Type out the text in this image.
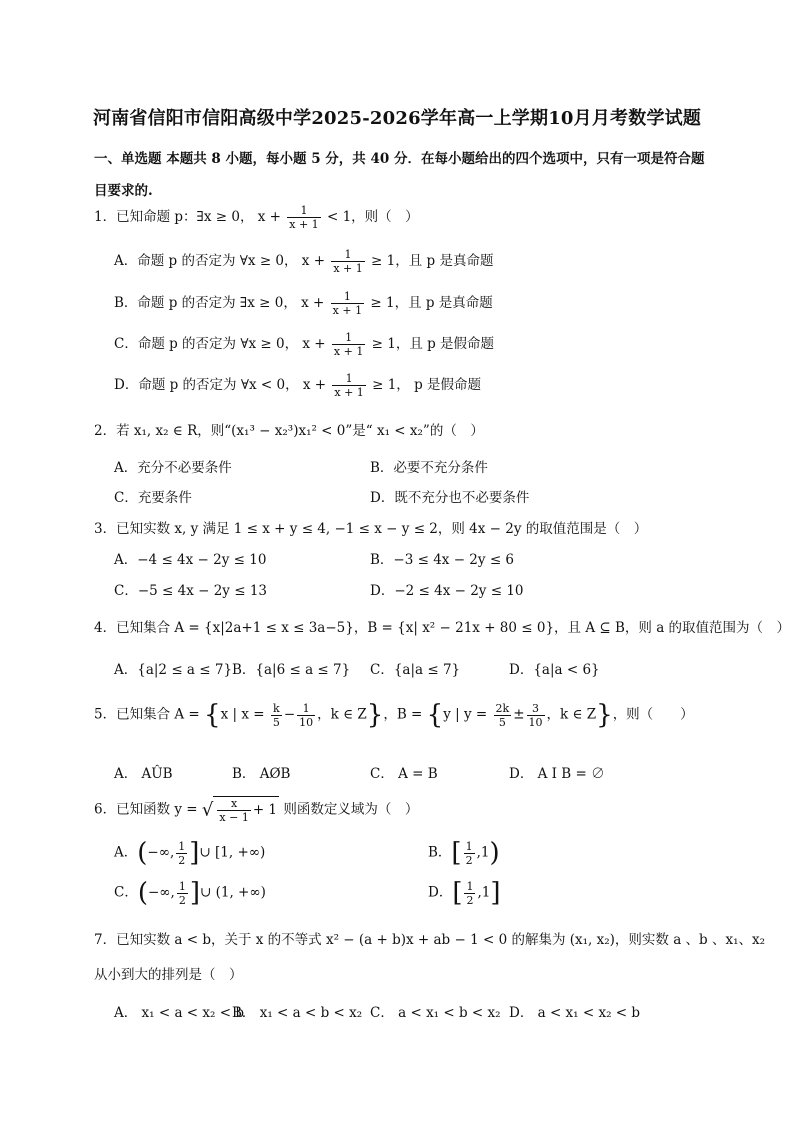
河南省信阳市信阳高级中学2025-2026学年高一上学期10月月考数学试题
一、单选题 本题共 8 小题，每小题 5 分，共 40 分．在每小题给出的四个选项中，只有一项是符合题目要求的.
1．已知命题 p：∃x ≥ 0， $x + \frac{1}{x + 1} < 1$，则（　）
A．命题 p 的否定为 ∀x ≥ 0， $x + \frac{1}{x + 1} \ge 1$，且 p 是真命题
B．命题 p 的否定为 ∃x ≥ 0， $x + \frac{1}{x + 1} \ge 1$，且 p 是真命题
C．命题 p 的否定为 ∀x ≥ 0， $x + \frac{1}{x + 1} \ge 1$，且 p 是假命题
D．命题 p 的否定为 ∀x < 0， $x + \frac{1}{x + 1} \ge 1$， p 是假命题
2．若 x₁, x₂ ∈ R，则“(x₁³ − x₂³)x₁² < 0”是“ x₁ < x₂”的（　）
A．充分不必要条件	B．必要不充分条件
C．充要条件	D．既不充分也不必要条件
3．已知实数 x, y 满足 1 ≤ x + y ≤ 4, −1 ≤ x − y ≤ 2，则 4x − 2y 的取值范围是（　）
A．−4 ≤ 4x − 2y ≤ 10	B．−3 ≤ 4x − 2y ≤ 6
C．−5 ≤ 4x − 2y ≤ 13	D．−2 ≤ 4x − 2y ≤ 10
4．已知集合 A = {x|2a+1 ≤ x ≤ 3a−5}，B = {x| x² − 21x + 80 ≤ 0}，且 A ⊆ B，则 a 的取值范围为（　）
A．{a|2 ≤ a ≤ 7} B．{a|6 ≤ a ≤ 7} C．{a|a ≤ 7}	D．{a|a < 6}
5．已知集合 A = {x | $x = \frac{k}{5} - \frac{1}{10}$ ，k ∈ Z}，B = {y | $y = \frac{2k}{5} \pm \frac{3}{10}$ ，k ∈ Z}，则（　　）
A． AÛB	B． AØB	C． A = B	D． A I B = ∅
6．已知函数 y = √ $\frac{x}{x - 1} + 1$ 则函数定义域为（　）
A．(−∞, $\frac{1}{2}$ ]∪ [1, +∞)	B．[ $\frac{1}{2} ,1$)
C．(−∞, $\frac{1}{2}$ ]∪ (1, +∞)	D．[ $\frac{1}{2} ,1$]
7．已知实数 a < b，关于 x 的不等式 x² − (a + b)x + ab − 1 < 0 的解集为 (x₁, x₂)，则实数 a 、b 、x₁、x₂
从小到大的排列是（　）
A． x₁ < a < x₂ < b
B． x₁ < a < b < x₂ C． a < x₁ < b < x₂ D． a < x₁ < x₂ < b
